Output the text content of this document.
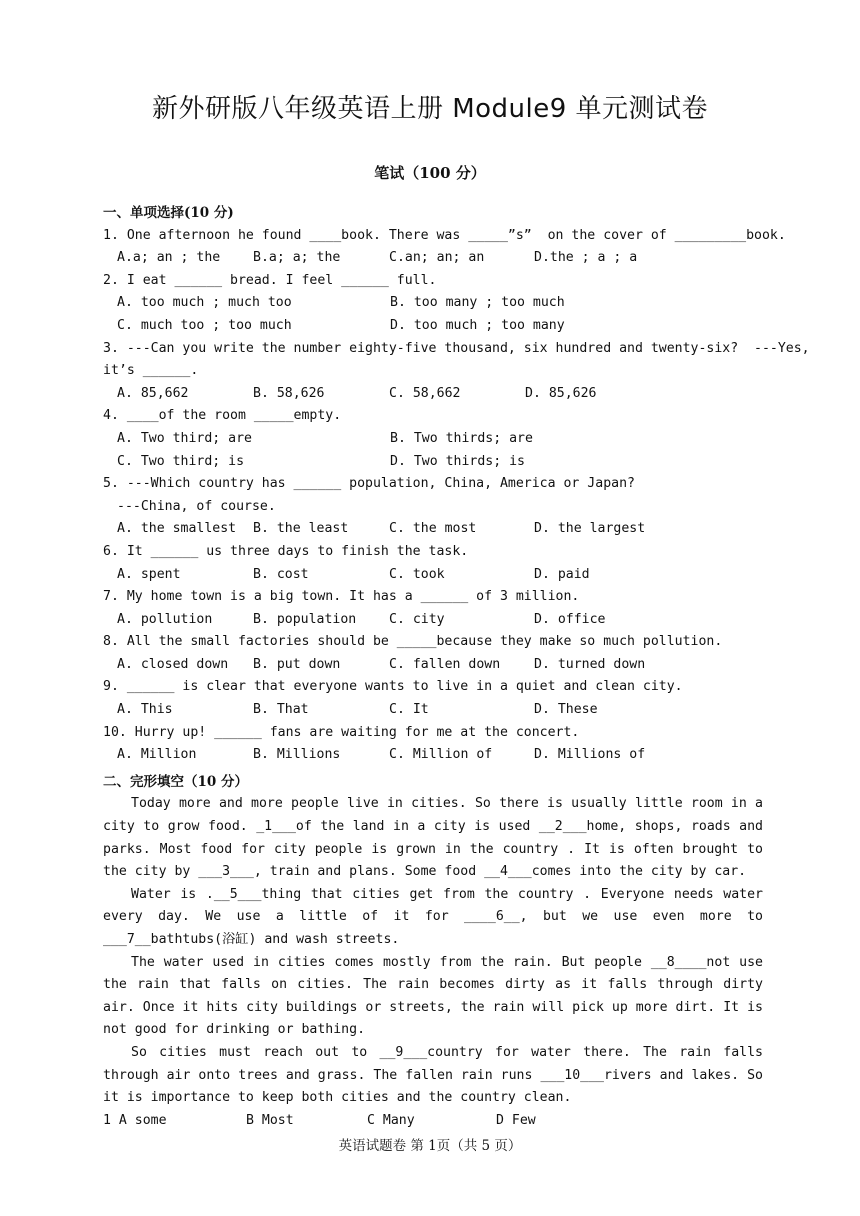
新外研版八年级英语上册 Module9 单元测试卷
笔试（100 分）
一、单项选择(10 分)
1. One afternoon he found ____book. There was _____”s”  on the cover of _________book.
A.a; an ; the	B.a; a; the	C.an; an; an	D.the ; a ; a
2. I eat ______ bread. I feel ______ full.
A. too much ; much too	B. too many ; too much
C. much too ; too much	D. too much ; too many
3. ---Can you write the number eighty-five thousand, six hundred and twenty-six?  ---Yes,
it’s ______.
A. 85,662	B. 58,626	C. 58,662	D. 85,626
4. ____of the room _____empty.
A. Two third; are	B. Two thirds; are
C. Two third; is	D. Two thirds; is
5. ---Which country has ______ population, China, America or Japan?
---China, of course.
A. the smallest	B. the least	C. the most	D. the largest
6. It ______ us three days to finish the task.
A. spent	B. cost	C. took	D. paid
7. My home town is a big town. It has a ______ of 3 million.
A. pollution	B. population	C. city	D. office
8. All the small factories should be _____because they make so much pollution.
A. closed down	B. put down	C. fallen down	D. turned down
9. ______ is clear that everyone wants to live in a quiet and clean city.
A. This	B. That	C. It	D. These
10. Hurry up! ______ fans are waiting for me at the concert.
A. Million	B. Millions	C. Million of	D. Millions of
二、完形填空（10 分）
Today more and more people live in cities. So there is usually little room in a city to grow food. _1___of the land in a city is used __2___home, shops, roads and parks. Most food for city people is grown in the country . It is often brought to the city by ___3___, train and plans. Some food __4___comes into the city by car.
Water is .__5___thing that cities get from the country . Everyone needs water every day. We use a little of it for ____6__, but we use even more to ___7__bathtubs(浴缸) and wash streets.
The water used in cities comes mostly from the rain. But people __8____not use the rain that falls on cities. The rain becomes dirty as it falls through dirty air. Once it hits city buildings or streets, the rain will pick up more dirt. It is not good for drinking or bathing.
So cities must reach out to __9___country for water there. The rain falls through air onto trees and grass. The fallen rain runs ___10___rivers and lakes. So it is importance to keep both cities and the country clean.
1 A some	B Most	C Many	D Few
英语试题卷 第 1页（共 5 页）
